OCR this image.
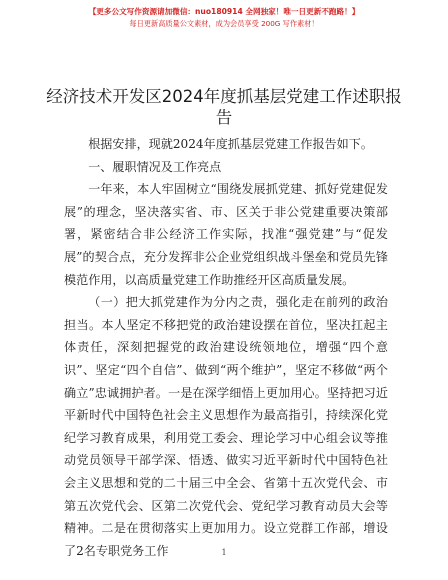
【更多公文写作资源请加微信：nuo180914 全网独家！唯一日更新不跑路！】
每日更新高质量公文素材，成为会员享受 200G 写作素材！
经济技术开发区2024年度抓基层党建工作述职报告

根据安排，现就2024年度抓基层党建工作报告如下。

一、履职情况及工作亮点

一年来，本人牢固树立“围绕发展抓党建、抓好党建促发展”的理念，坚决落实省、市、区关于非公党建重要决策部署，紧密结合非公经济工作实际，找准“强党建”与“促发展”的契合点，充分发挥非公企业党组织战斗堡垒和党员先锋模范作用，以高质量党建工作助推经开区高质量发展。

（一）把大抓党建作为分内之责，强化走在前列的政治担当。本人坚定不移把党的政治建设摆在首位，坚决扛起主体责任，深刻把握党的政治建设统领地位，增强“四个意识”、坚定“四个自信”、做到“两个维护”，坚定不移做“两个确立”忠诚拥护者。一是在深学细悟上更加用心。坚持把习近平新时代中国特色社会主义思想作为最高指引，持续深化党纪学习教育成果，利用党工委会、理论学习中心组会议等推动党员领导干部学深、悟透、做实习近平新时代中国特色社会主义思想和党的二十届三中全会、省第十五次党代会、市第五次党代会、区第二次党代会、党纪学习教育动员大会等精神。二是在贯彻落实上更加用力。设立党群工作部，增设了2名专职党务工作	1
